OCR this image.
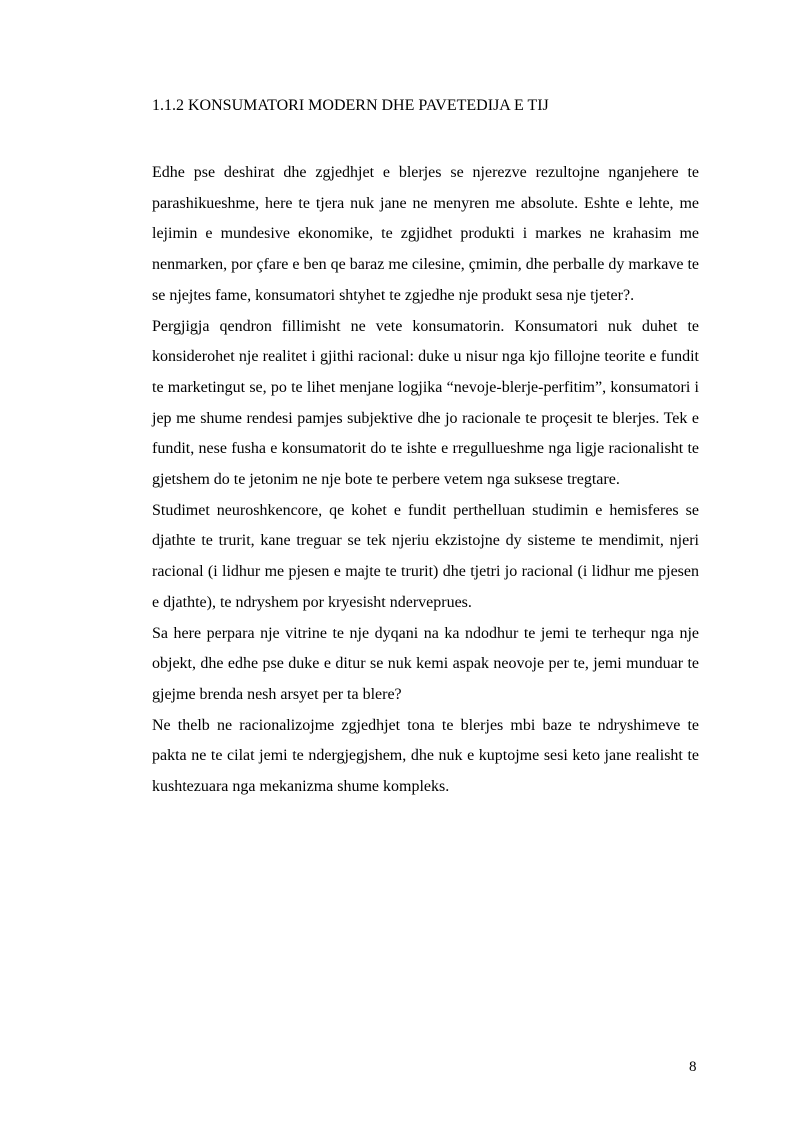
1.1.2 KONSUMATORI MODERN DHE PAVETEDIJA E TIJ

Edhe pse deshirat dhe zgjedhjet e blerjes se njerezve rezultojne nganjehere te parashikueshme, here te tjera nuk jane ne menyren me absolute. Eshte e lehte, me lejimin e mundesive ekonomike, te zgjidhet produkti i markes ne krahasim me nenmarken, por çfare e ben qe baraz me cilesine, çmimin, dhe perballe dy markave te se njejtes fame, konsumatori shtyhet te zgjedhe nje produkt sesa nje tjeter?.

Pergjigja qendron fillimisht ne vete konsumatorin. Konsumatori nuk duhet te konsiderohet nje realitet i gjithi racional: duke u nisur nga kjo fillojne teorite e fundit te marketingut se, po te lihet menjane logjika “nevoje-blerje-perfitim”, konsumatori i jep me shume rendesi pamjes subjektive dhe jo racionale te proçesit te blerjes. Tek e fundit, nese fusha e konsumatorit do te ishte e rregullueshme nga ligje racionalisht te gjetshem do te jetonim ne nje bote te perbere vetem nga suksese tregtare.

Studimet neuroshkencore, qe kohet e fundit perthelluan studimin e hemisferes se djathte te trurit, kane treguar se tek njeriu ekzistojne dy sisteme te mendimit, njeri racional (i lidhur me pjesen e majte te trurit) dhe tjetri jo racional (i lidhur me pjesen e djathte), te ndryshem por kryesisht nderveprues.

Sa here perpara nje vitrine te nje dyqani na ka ndodhur te jemi te terhequr nga nje objekt, dhe edhe pse duke e ditur se nuk kemi aspak neovoje per te, jemi munduar te gjejme brenda nesh arsyet per ta blere?

Ne thelb ne racionalizojme zgjedhjet tona te blerjes mbi baze te ndryshimeve te pakta ne te cilat jemi te ndergjegjshem, dhe nuk e kuptojme sesi keto jane realisht te kushtezuara nga mekanizma shume kompleks.

8
